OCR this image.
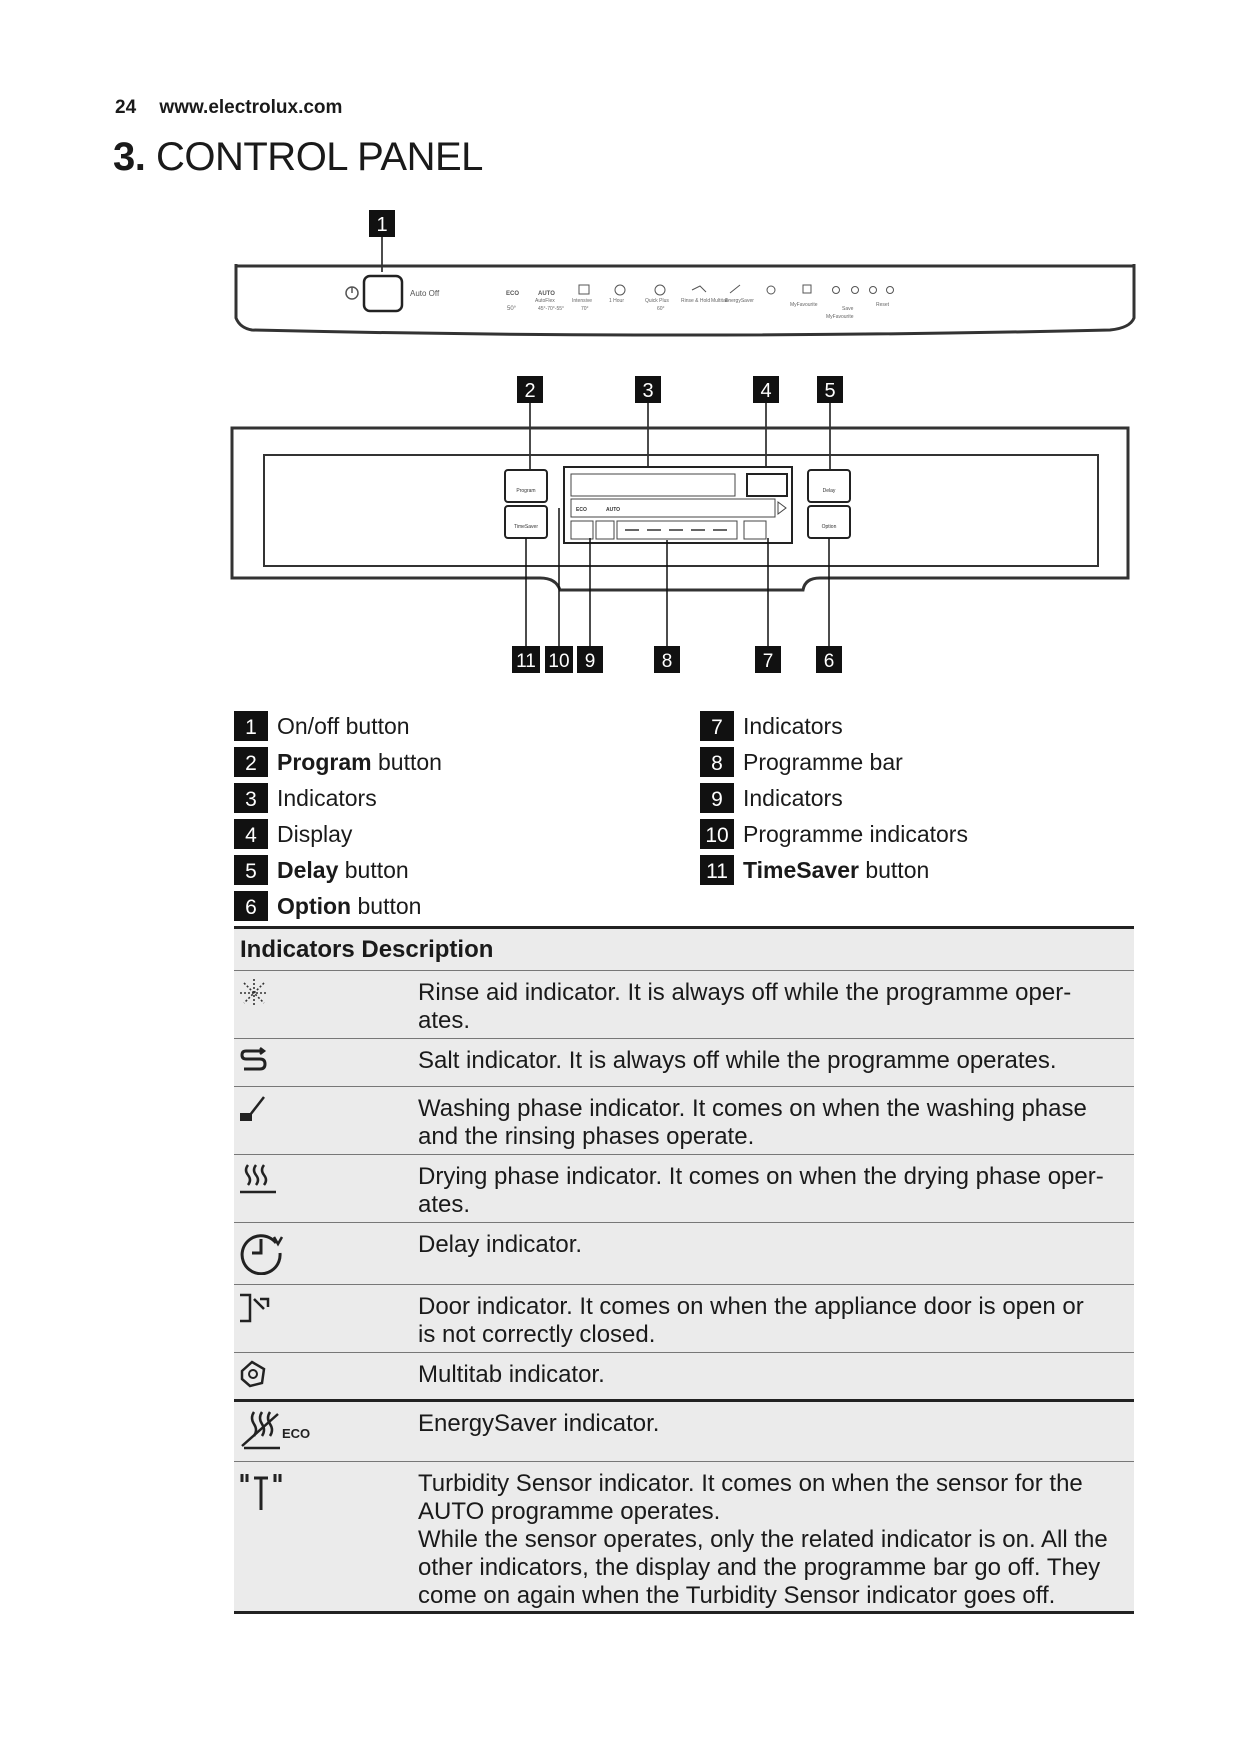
24 www.electrolux.com
3. CONTROL PANEL
1
Auto Off	ECO
50°
AUTO
AutoFlex
45°-70°-55°
Intensive
70°
1 Hour	Quick Plus
60°
Rinse & Hold Multitab
EnergySaver
MyFavourite
Save
MyFavourite
Reset
2	3	4	5
Program
TimeSaver
ECO	AUTO
Delay
Option
11 10 9	8	7	6
1 On/off button
2 Program button
3 Indicators
4 Display
5 Delay button
6 Option button
7 Indicators
8 Programme bar
9 Indicators
10 Programme indicators
11 TimeSaver button
Indicators Description
Rinse aid indicator. It is always off while the programme oper-
ates.
Salt indicator. It is always off while the programme operates.
Washing phase indicator. It comes on when the washing phase
and the rinsing phases operate.
Drying phase indicator. It comes on when the drying phase oper-
ates.
Delay indicator.
Door indicator. It comes on when the appliance door is open or
is not correctly closed.
Multitab indicator.
ECO	EnergySaver indicator.
Turbidity Sensor indicator. It comes on when the sensor for the
AUTO programme operates.
While the sensor operates, only the related indicator is on. All the
other indicators, the display and the programme bar go off. They
come on again when the Turbidity Sensor indicator goes off.
